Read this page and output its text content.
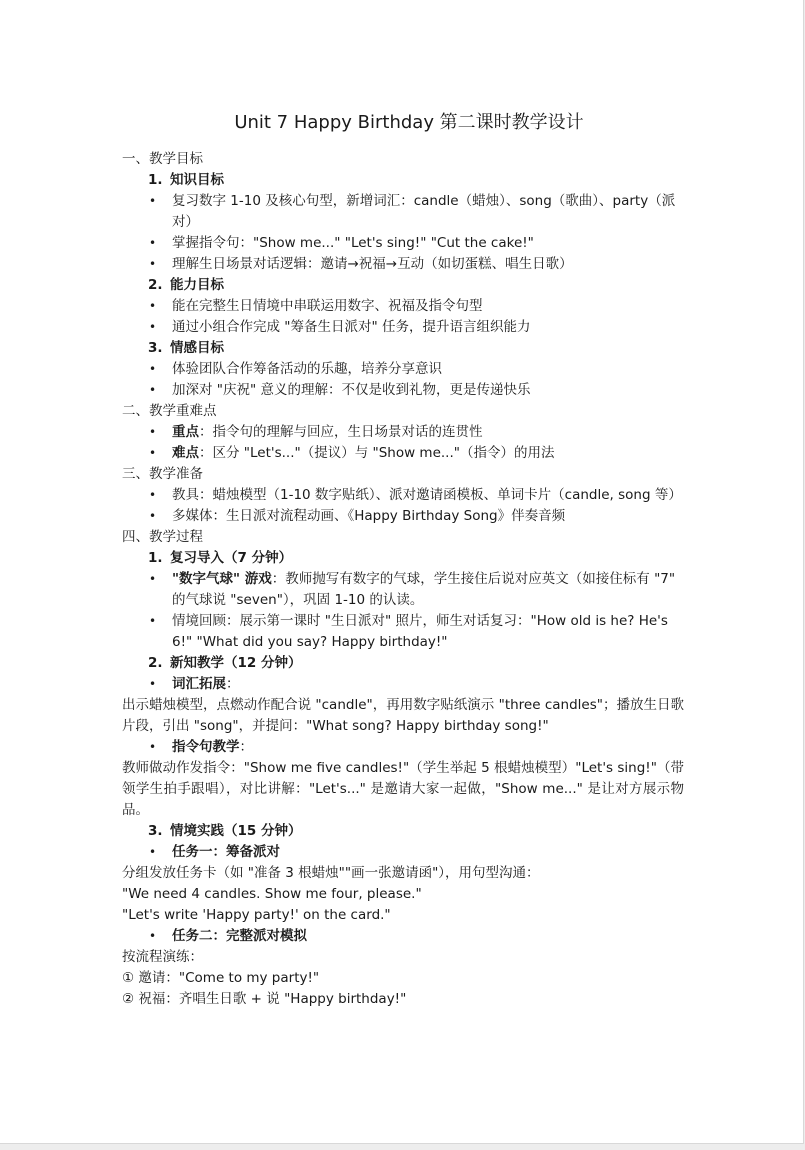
Unit 7 Happy Birthday 第二课时教学设计
一、教学目标
1. 知识目标
• 复习数字 1-10 及核心句型，新增词汇：candle（蜡烛）、song（歌曲）、party（派对）
• 掌握指令句："Show me..." "Let's sing!" "Cut the cake!"
• 理解生日场景对话逻辑：邀请→祝福→互动（如切蛋糕、唱生日歌）
2. 能力目标
• 能在完整生日情境中串联运用数字、祝福及指令句型
• 通过小组合作完成 "筹备生日派对" 任务，提升语言组织能力
3. 情感目标
• 体验团队合作筹备活动的乐趣，培养分享意识
• 加深对 "庆祝" 意义的理解：不仅是收到礼物，更是传递快乐
二、教学重难点
• 重点：指令句的理解与回应，生日场景对话的连贯性
• 难点：区分 "Let's..."（提议）与 "Show me..."（指令）的用法
三、教学准备
• 教具：蜡烛模型（1-10 数字贴纸）、派对邀请函模板、单词卡片（candle, song 等）
• 多媒体：生日派对流程动画、《Happy Birthday Song》伴奏音频
四、教学过程
1. 复习导入（7 分钟）
• "数字气球" 游戏：教师抛写有数字的气球，学生接住后说对应英文（如接住标有 "7" 的气球说 "seven"），巩固 1-10 的认读。
• 情境回顾：展示第一课时 "生日派对" 照片，师生对话复习："How old is he? He's 6!" "What did you say? Happy birthday!"
2. 新知教学（12 分钟）
• 词汇拓展：
出示蜡烛模型，点燃动作配合说 "candle"，再用数字贴纸演示 "three candles"；播放生日歌片段，引出 "song"，并提问："What song? Happy birthday song!"
• 指令句教学：
教师做动作发指令："Show me five candles!"（学生举起 5 根蜡烛模型）"Let's sing!"（带领学生拍手跟唱），对比讲解："Let's..." 是邀请大家一起做，"Show me..." 是让对方展示物品。
3. 情境实践（15 分钟）
• 任务一：筹备派对
分组发放任务卡（如 "准备 3 根蜡烛""画一张邀请函"），用句型沟通：
"We need 4 candles. Show me four, please."
"Let's write 'Happy party!' on the card."
• 任务二：完整派对模拟
按流程演练：
① 邀请："Come to my party!"
② 祝福：齐唱生日歌 + 说 "Happy birthday!"
